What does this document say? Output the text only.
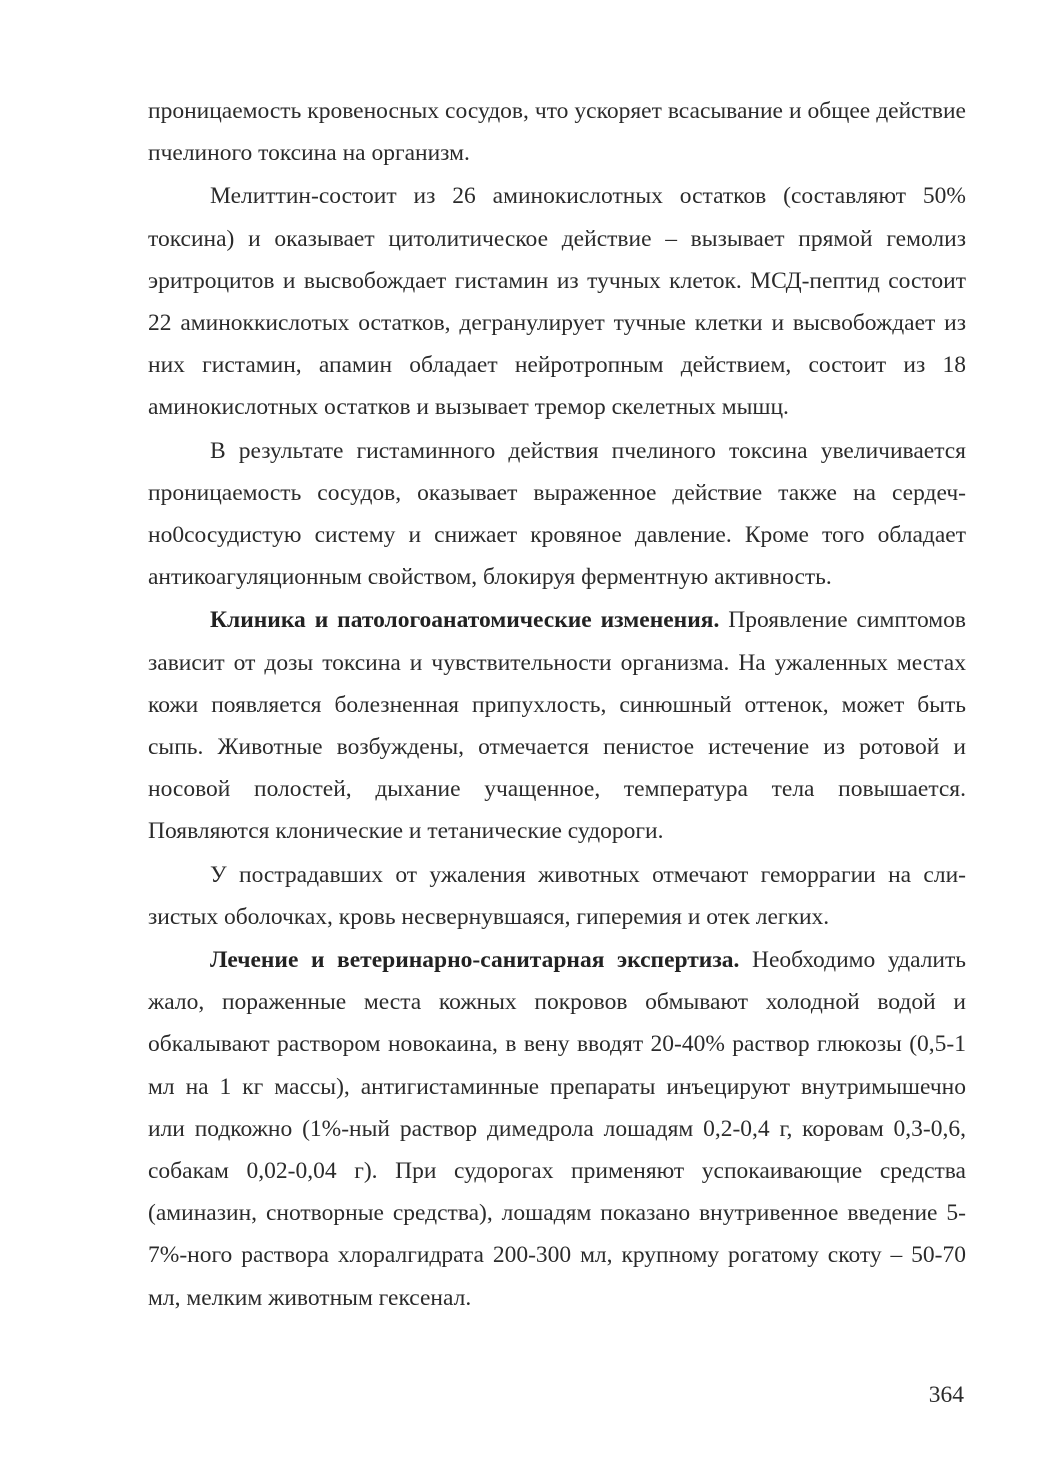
проницаемость кровеносных сосудов, что ускоряет всасывание и общее действие пчелиного токсина на организм.

Мелиттин-состоит из 26 аминокислотных остатков (составляют 50% токсина) и оказывает цитолитическое действие – вызывает прямой гемолиз эритроцитов и высвобождает гистамин из тучных клеток. МСД-пептид состоит 22 аминоккислотых остатков, дегранулирует тучные клетки и высвобождает из них гистамин, апамин обладает нейротропным действием, состоит из 18 аминокислотных остатков и вызывает тремор скелетных мышц.

В результате гистаминного действия пчелиного токсина увеличивается проницаемость сосудов, оказывает выраженное действие также на сердечно0сосудистую систему и снижает кровяное давление. Кроме того обладает антикоагуляционным свойством, блокируя ферментную активность.

Клиника и патологоанатомические изменения. Проявление симптомов зависит от дозы токсина и чувствительности организма. На ужаленных местах кожи появляется болезненная припухлость, синюшный оттенок, может быть сыпь. Животные возбуждены, отмечается пенистое истечение из ротовой и носовой полостей, дыхание учащенное, температура тела повышается. Появляются клонические и тетанические судороги.

У пострадавших от ужаления животных отмечают геморрагии на слизистых оболочках, кровь несвернувшаяся, гиперемия и отек легких.

Лечение и ветеринарно-санитарная экспертиза. Необходимо удалить жало, пораженные места кожных покровов обмывают холодной водой и обкалывают раствором новокаина, в вену вводят 20-40% раствор глюкозы (0,5-1 мл на 1 кг массы), антигистаминные препараты инъецируют внутримышечно или подкожно (1%-ный раствор димедрола лошадям 0,2-0,4 г, коровам 0,3-0,6, собакам 0,02-0,04 г). При судорогах применяют успокаивающие средства (аминазин, снотворные средства), лошадям показано внутривенное введение 5-7%-ного раствора хлоралгидрата 200-300 мл, крупному рогатому скоту – 50-70 мл, мелким животным гексенал.

364
